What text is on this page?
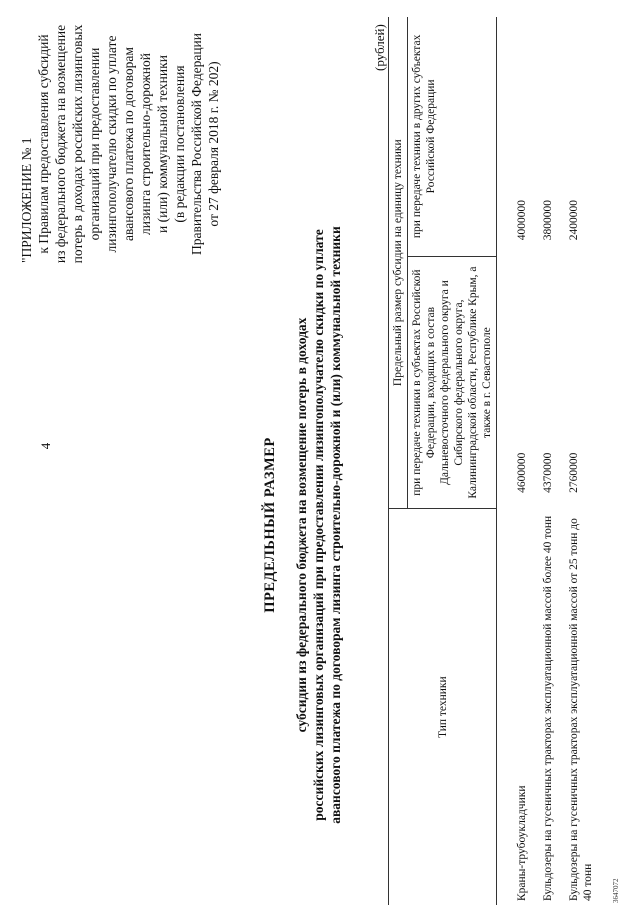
4
"ПРИЛОЖЕНИЕ № 1 к Правилам предоставления субсидий из федерального бюджета на возмещение потерь в доходах российских лизинговых организаций при предоставлении лизингополучателю скидки по уплате авансового платежа по договорам лизинга строительно-дорожной и (или) коммунальной техники (в редакции постановления Правительства Российской Федерации от 27 февраля 2018 г. № 202)
ПРЕДЕЛЬНЫЙ РАЗМЕР субсидии из федерального бюджета на возмещение потерь в доходах российских лизинговых организаций при предоставлении лизингополучателю скидки по уплате авансового платежа по договорам лизинга строительно-дорожной и (или) коммунальной техники
(рублей)
Тип техники	Предельный размер субсидии на единицу техники	
	при передаче техники в субъектах Российской Федерации, входящих в состав Дальневосточного федерального округа и Сибирского федерального округа, Калининградской области, Республике Крым, а также в г. Севастополе	при передаче техники в других субъектах Российской Федерации
Краны-трубоукладчики	4600000	4000000
Бульдозеры на гусеничных тракторах эксплуатационной массой более 40 тонн	4370000	3800000
Бульдозеры на гусеничных тракторах эксплуатационной массой от 25 тонн до 40 тонн	2760000	2400000
3647072
